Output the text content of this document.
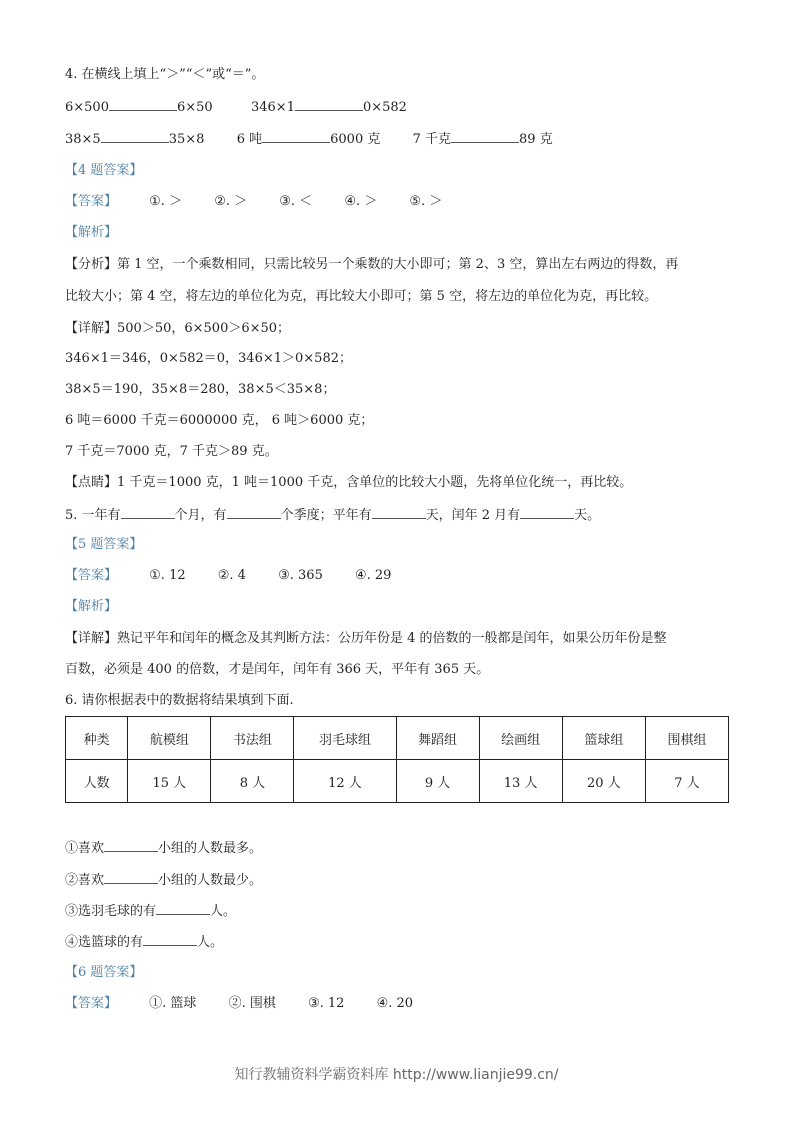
4. 在横线上填上“＞”“＜”或“＝”。
6×500	6×50	346×1	0×582
38×5	35×8 6 吨	6000 克 7 千克	89 克
【4 题答案】
【答案】 ①. ＞ ②. ＞ ③. ＜ ④. ＞ ⑤. ＞
【解析】
【分析】第 1 空，一个乘数相同，只需比较另一个乘数的大小即可；第 2、3 空，算出左右两边的得数，再
比较大小；第 4 空，将左边的单位化为克，再比较大小即可；第 5 空，将左边的单位化为克，再比较。
【详解】500＞50，6×500＞6×50；
346×1＝346，0×582＝0，346×1＞0×582；
38×5＝190，35×8＝280，38×5＜35×8；
6 吨＝6000 千克＝6000000 克， 6 吨＞6000 克；
7 千克＝7000 克，7 千克＞89 克。
【点睛】1 千克＝1000 克，1 吨＝1000 千克，含单位的比较大小题，先将单位化统一，再比较。
5. 一年有	个月，有	个季度；平年有	天，闰年 2 月有	天。
【5 题答案】
【答案】 ①. 12 ②. 4 ③. 365 ④. 29
【解析】
【详解】熟记平年和闰年的概念及其判断方法：公历年份是 4 的倍数的一般都是闰年，如果公历年份是整
百数，必须是 400 的倍数，才是闰年，闰年有 366 天，平年有 365 天。
6. 请你根据表中的数据将结果填到下面.
种类	航模组	书法组	羽毛球组	舞蹈组	绘画组	篮球组	围棋组
人数	15 人	8 人	12 人	9 人	13 人	20 人	7 人
①喜欢	小组的人数最多。
②喜欢	小组的人数最少。
③选羽毛球的有	人。
④选篮球的有	人。
【6 题答案】
【答案】 ①. 篮球 ②. 围棋 ③. 12 ④. 20
知行教辅资料学霸资料库 http://www.lianjie99.cn/
